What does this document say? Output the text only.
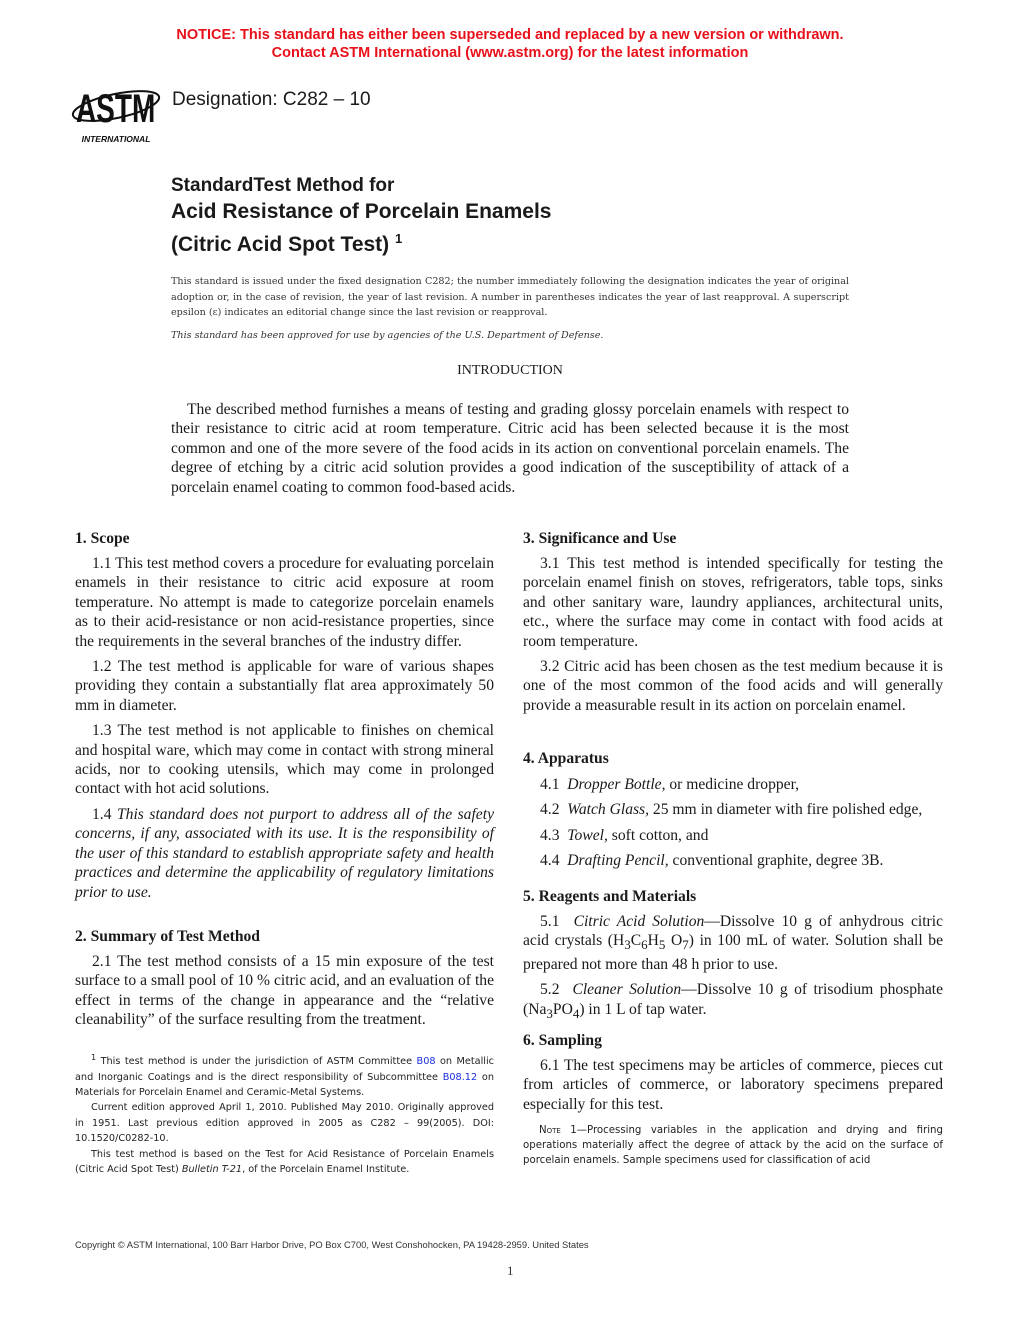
NOTICE: This standard has either been superseded and replaced by a new version or withdrawn.
Contact ASTM International (www.astm.org) for the latest information
ASTM
INTERNATIONAL
Designation: C282 – 10
StandardTest Method for
Acid Resistance of Porcelain Enamels
(Citric Acid Spot Test) $^1$
This standard is issued under the fixed designation C282; the number immediately following the designation indicates the year of original adoption or, in the case of revision, the year of last revision. A number in parentheses indicates the year of last reapproval. A superscript epsilon (ε) indicates an editorial change since the last revision or reapproval.
This standard has been approved for use by agencies of the U.S. Department of Defense.
INTRODUCTION
The described method furnishes a means of testing and grading glossy porcelain enamels with respect to their resistance to citric acid at room temperature. Citric acid has been selected because it is the most common and one of the more severe of the food acids in its action on conventional porcelain enamels. The degree of etching by a citric acid solution provides a good indication of the susceptibility of attack of a porcelain enamel coating to common food-based acids.

1. Scope

1.1 This test method covers a procedure for evaluating porcelain enamels in their resistance to citric acid exposure at room temperature. No attempt is made to categorize porcelain enamels as to their acid-resistance or non acid-resistance properties, since the requirements in the several branches of the industry differ.

1.2 The test method is applicable for ware of various shapes providing they contain a substantially flat area approximately 50 mm in diameter.

1.3 The test method is not applicable to finishes on chemical and hospital ware, which may come in contact with strong mineral acids, nor to cooking utensils, which may come in prolonged contact with hot acid solutions.

1.4 This standard does not purport to address all of the safety concerns, if any, associated with its use. It is the responsibility of the user of this standard to establish appropriate safety and health practices and determine the applicability of regulatory limitations prior to use.

2. Summary of Test Method

2.1 The test method consists of a 15 min exposure of the test surface to a small pool of 10 % citric acid, and an evaluation of the effect in terms of the change in appearance and the “relative cleanability” of the surface resulting from the treatment.

$^1$ This test method is under the jurisdiction of ASTM Committee B08 on Metallic and Inorganic Coatings and is the direct responsibility of Subcommittee B08.12 on Materials for Porcelain Enamel and Ceramic-Metal Systems.

Current edition approved April 1, 2010. Published May 2010. Originally approved in 1951. Last previous edition approved in 2005 as C282 – 99(2005). DOI: 10.1520/C0282-10.

This test method is based on the Test for Acid Resistance of Porcelain Enamels (Citric Acid Spot Test) Bulletin T-21, of the Porcelain Enamel Institute.

3. Significance and Use

3.1 This test method is intended specifically for testing the porcelain enamel finish on stoves, refrigerators, table tops, sinks and other sanitary ware, laundry appliances, architectural units, etc., where the surface may come in contact with food acids at room temperature.

3.2 Citric acid has been chosen as the test medium because it is one of the most common of the food acids and will generally provide a measurable result in its action on porcelain enamel.

4. Apparatus

4.1 Dropper Bottle, or medicine dropper,

4.2 Watch Glass, 25 mm in diameter with fire polished edge,

4.3 Towel, soft cotton, and

4.4 Drafting Pencil, conventional graphite, degree 3B.

5. Reagents and Materials

5.1 Citric Acid Solution—Dissolve 10 g of anhydrous citric acid crystals ($H_3C_6H_5$ $O_7$) in 100 mL of water. Solution shall be prepared not more than 48 h prior to use.

5.2 Cleaner Solution—Dissolve 10 g of trisodium phosphate $(Na_3PO_4)$ in 1 L of tap water.

6. Sampling

6.1 The test specimens may be articles of commerce, pieces cut from articles of commerce, or laboratory specimens prepared especially for this test.

Note 1—Processing variables in the application and drying and firing operations materially affect the degree of attack by the acid on the surface of porcelain enamels. Sample specimens used for classification of acid
Copyright © ASTM International, 100 Barr Harbor Drive, PO Box C700, West Conshohocken, PA 19428-2959. United States
1
